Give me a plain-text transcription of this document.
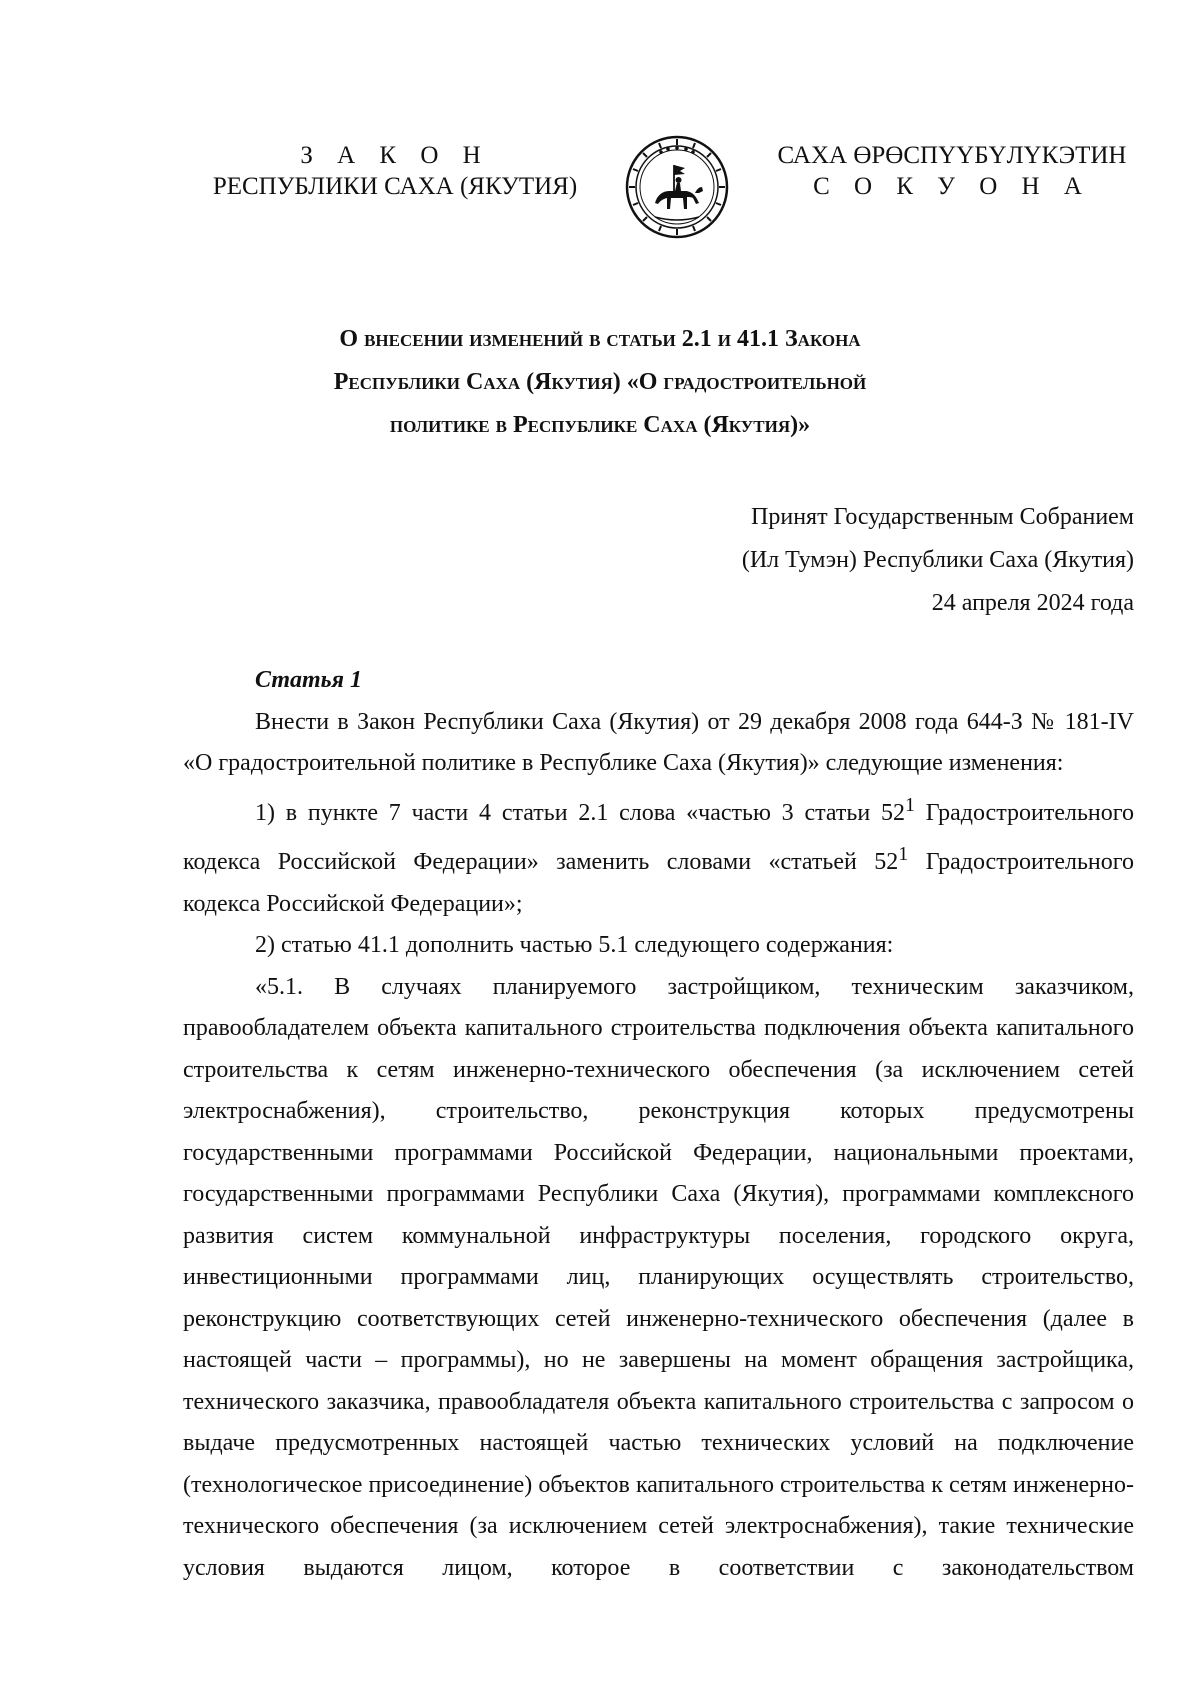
З А К О Н
РЕСПУБЛИКИ САХА (ЯКУТИЯ)
САХА ӨРӨСПҮҮБҮЛҮКЭТИН
С О К У О Н А
О внесении изменений в статьи 2.1 и 41.1 Закона
Республики Саха (Якутия) «О градостроительной
политике в Республике Саха (Якутия)»
Принят Государственным Собранием
(Ил Тумэн) Республики Саха (Якутия)
24 апреля 2024 года

Статья 1

Внести в Закон Республики Саха (Якутия) от 29 декабря 2008 года 644-З № 181-IV

«О градостроительной политике в Республике Саха (Якутия)» следующие изменения:

1) в пункте 7 части 4 статьи 2.1 слова «частью 3 статьи $52^1$ Градостроительного кодекса Российской Федерации» заменить словами «статьей $52^1$ Градостроительного кодекса Российской Федерации»;

2) статью 41.1 дополнить частью 5.1 следующего содержания:

«5.1. В случаях планируемого застройщиком, техническим заказчиком, правообладателем объекта капитального строительства подключения объекта капитального строительства к сетям инженерно-технического обеспечения (за исключением сетей электроснабжения), строительство, реконструкция которых предусмотрены государственными программами Российской Федерации, национальными проектами, государственными программами Республики Саха (Якутия), программами комплексного развития систем коммунальной инфраструктуры поселения, городского округа, инвестиционными программами лиц, планирующих осуществлять строительство, реконструкцию соответствующих сетей инженерно-технического обеспечения (далее в настоящей части – программы), но не завершены на момент обращения застройщика, технического заказчика, правообладателя объекта капитального строительства с запросом о выдаче предусмотренных настоящей частью технических условий на подключение (технологическое присоединение) объектов капитального строительства к сетям инженерно-технического обеспечения (за исключением сетей электроснабжения), такие технические условия выдаются лицом, которое в соответствии с законодательством
